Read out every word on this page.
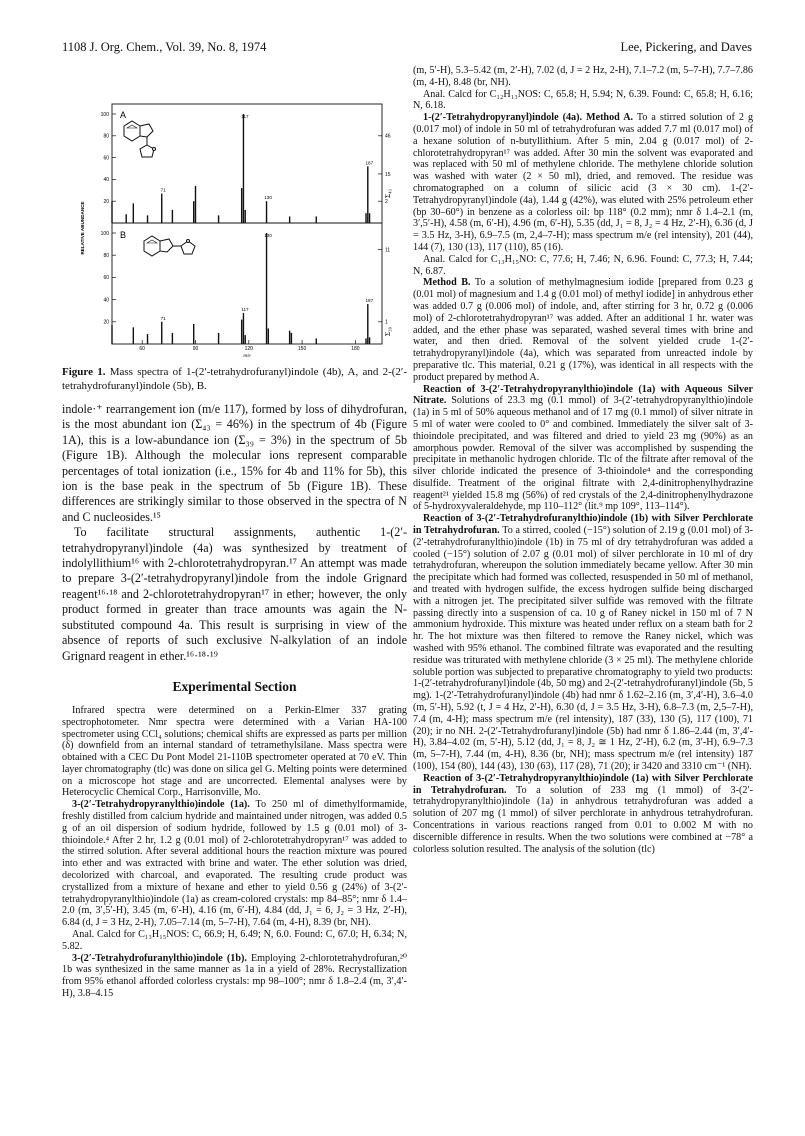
1108 J. Org. Chem., Vol. 39, No. 8, 1974	Lee, Pickering, and Daves
A
B
RELATIVE ABUNDANCE
m/e
Σ₄₃
Σ₃₉
100
80
60
40
20
46
15
2
117
187
71
130
100
80
60
40
20
11
1
187
130
117
71
60	90	120	150	180
Figure 1. Mass spectra of 1-(2′-tetrahydrofuranyl)indole (4b), A, and 2-(2′-tetrahydrofuranyl)indole (5b), B.

indole·⁺ rearrangement ion (m/e 117), formed by loss of dihydrofuran, is the most abundant ion (Σ₄₃ = 46%) in the spectrum of 4b (Figure 1A), this is a low-abundance ion (Σ₃₉ = 3%) in the spectrum of 5b (Figure 1B). Although the molecular ions represent comparable percentages of total ionization (i.e., 15% for 4b and 11% for 5b), this ion is the base peak in the spectrum of 5b (Figure 1B). These differences are strikingly similar to those observed in the spectra of N and C nucleosides.¹⁵

To facilitate structural assignments, authentic 1-(2′-tetrahydropyranyl)indole (4a) was synthesized by treatment of indolyllithium¹⁶ with 2-chlorotetrahydropyran.¹⁷ An attempt was made to prepare 3-(2′-tetrahydropyranyl)indole from the indole Grignard reagent¹⁶·¹⁸ and 2-chlorotetrahydropyran¹⁷ in ether; however, the only product formed in greater than trace amounts was again the N-substituted compound 4a. This result is surprising in view of the absence of reports of such exclusive N-alkylation of an indole Grignard reagent in ether.¹⁶·¹⁸·¹⁹

Experimental Section

Infrared spectra were determined on a Perkin-Elmer 337 grating spectrophotometer. Nmr spectra were determined with a Varian HA-100 spectrometer using CCl₄ solutions; chemical shifts are expressed as parts per million (δ) downfield from an internal standard of tetramethylsilane. Mass spectra were obtained with a CEC Du Pont Model 21-110B spectrometer operated at 70 eV. Thin layer chromatography (tlc) was done on silica gel G. Melting points were determined on a microscope hot stage and are uncorrected. Elemental analyses were by Heterocyclic Chemical Corp., Harrisonville, Mo.

3-(2′-Tetrahydropyranylthio)indole (1a). To 250 ml of dimethylformamide, freshly distilled from calcium hydride and maintained under nitrogen, was added 0.5 g of an oil dispersion of sodium hydride, followed by 1.5 g (0.01 mol) of 3-thioindole.⁴ After 2 hr, 1.2 g (0.01 mol) of 2-chlorotetrahydropyran¹⁷ was added to the stirred solution. After several additional hours the reaction mixture was poured into ether and was extracted with brine and water. The ether solution was dried, decolorized with charcoal, and evaporated. The resulting crude product was crystallized from a mixture of hexane and ether to yield 0.56 g (24%) of 3-(2′-tetrahydropyranylthio)indole (1a) as cream-colored crystals: mp 84–85°; nmr δ 1.4–2.0 (m, 3′,5′-H), 3.45 (m, 6′-H), 4.16 (m, 6′-H), 4.84 (dd, J₁ = 6, J₂ = 3 Hz, 2′-H), 6.84 (d, J = 3 Hz, 2-H), 7.05–7.14 (m, 5–7-H), 7.64 (m, 4-H), 8.39 (br, NH).

Anal. Calcd for C₁₃H₁₅NOS: C, 66.9; H, 6.49; N, 6.0. Found: C, 67.0; H, 6.34; N, 5.82.

3-(2′-Tetrahydrofuranylthio)indole (1b). Employing 2-chlorotetrahydrofuran,²⁰ 1b was synthesized in the same manner as 1a in a yield of 28%. Recrystallization from 95% ethanol afforded colorless crystals: mp 98–100°; nmr δ 1.8–2.4 (m, 3′,4′-H), 3.8–4.15

(m, 5′-H), 5.3–5.42 (m, 2′-H), 7.02 (d, J = 2 Hz, 2-H), 7.1–7.2 (m, 5–7-H), 7.7–7.86 (m, 4-H), 8.48 (br, NH).

Anal. Calcd for C₁₂H₁₃NOS: C, 65.8; H, 5.94; N, 6.39. Found: C, 65.8; H, 6.16; N, 6.18.

1-(2′-Tetrahydropyranyl)indole (4a). Method A. To a stirred solution of 2 g (0.017 mol) of indole in 50 ml of tetrahydrofuran was added 7.7 ml (0.017 mol) of a hexane solution of n-butyllithium. After 5 min, 2.04 g (0.017 mol) of 2-chlorotetrahydropyran¹⁷ was added. After 30 min the solvent was evaporated and was replaced with 50 ml of methylene chloride. The methylene chloride solution was washed with water (2 × 50 ml), dried, and removed. The residue was chromatographed on a column of silicic acid (3 × 30 cm). 1-(2′-Tetrahydropyranyl)indole (4a), 1.44 g (42%), was eluted with 25% petroleum ether (bp 30–60°) in benzene as a colorless oil: bp 118° (0.2 mm); nmr δ 1.4–2.1 (m, 3′,5′-H), 4.58 (m, 6′-H), 4.96 (m, 6′-H), 5.35 (dd, J₁ = 8, J₂ = 4 Hz, 2′-H), 6.36 (d, J = 3.5 Hz, 3-H), 6.9–7.5 (m, 2,4–7-H); mass spectrum m/e (rel intensity), 201 (44), 144 (7), 130 (13), 117 (110), 85 (16).

Anal. Calcd for C₁₃H₁₅NO: C, 77.6; H, 7.46; N, 6.96. Found: C, 77.3; H, 7.44; N, 6.87.

Method B. To a solution of methylmagnesium iodide [prepared from 0.23 g (0.01 mol) of magnesium and 1.4 g (0.01 mol) of methyl iodide] in anhydrous ether was added 0.7 g (0.006 mol) of indole, and, after stirring for 3 hr, 0.72 g (0.006 mol) of 2-chlorotetrahydropyran¹⁷ was added. After an additional 1 hr. water was added, and the ether phase was separated, washed several times with brine and water, and then dried. Removal of the solvent yielded crude 1-(2′-tetrahydropyranyl)indole (4a), which was separated from unreacted indole by preparative tlc. This material, 0.21 g (17%), was identical in all respects with the product prepared by method A.

Reaction of 3-(2′-Tetrahydropyranylthio)indole (1a) with Aqueous Silver Nitrate. Solutions of 23.3 mg (0.1 mmol) of 3-(2′-tetrahydropyranylthio)indole (1a) in 5 ml of 50% aqueous methanol and of 17 mg (0.1 mmol) of silver nitrate in 5 ml of water were cooled to 0° and combined. Immediately the silver salt of 3-thioindole precipitated, and was filtered and dried to yield 23 mg (90%) as an amorphous powder. Removal of the silver was accomplished by suspending the precipitate in methanolic hydrogen chloride. Tlc of the filtrate after removal of the silver chloride indicated the presence of 3-thioindole⁴ and the corresponding disulfide. Treatment of the original filtrate with 2,4-dinitrophenylhydrazine reagent²¹ yielded 15.8 mg (56%) of red crystals of the 2,4-dinitrophenylhydrazone of 5-hydroxyvaleraldehyde, mp 110–112° (lit.⁹ mp 109°, 113–114°).

Reaction of 3-(2′-Tetrahydrofuranylthio)indole (1b) with Silver Perchlorate in Tetrahydrofuran. To a stirred, cooled (−15°) solution of 2.19 g (0.01 mol) of 3-(2′-tetrahydrofuranylthio)indole (1b) in 75 ml of dry tetrahydrofuran was added a cooled (−15°) solution of 2.07 g (0.01 mol) of silver perchlorate in 10 ml of dry tetrahydrofuran, whereupon the solution immediately became yellow. After 30 min the precipitate which had formed was collected, resuspended in 50 ml of methanol, and treated with hydrogen sulfide, the excess hydrogen sulfide being discharged with a nitrogen jet. The precipitated silver sulfide was removed with the filtrate passing directly into a suspension of ca. 10 g of Raney nickel in 150 ml of 7 N ammonium hydroxide. This mixture was heated under reflux on a steam bath for 2 hr. The hot mixture was then filtered to remove the Raney nickel, which was washed with 95% ethanol. The combined filtrate was evaporated and the resulting residue was triturated with methylene chloride (3 × 25 ml). The methylene chloride soluble portion was subjected to preparative chromatography to yield two products: 1-(2′-tetrahydrofuranyl)indole (4b, 50 mg) and 2-(2′-tetrahydrofuranyl)indole (5b, 5 mg). 1-(2′-Tetrahydrofuranyl)indole (4b) had nmr δ 1.62–2.16 (m, 3′,4′-H), 3.6–4.0 (m, 5′-H), 5.92 (t, J = 4 Hz, 2′-H), 6.30 (d, J = 3.5 Hz, 3-H), 6.8–7.3 (m, 2,5–7-H), 7.4 (m, 4-H); mass spectrum m/e (rel intensity), 187 (33), 130 (5), 117 (100), 71 (20); ir no NH. 2-(2′-Tetrahydrofuranyl)indole (5b) had nmr δ 1.86–2.44 (m, 3′,4′-H), 3.84–4.02 (m, 5′-H), 5.12 (dd, J₁ = 8, J₂ ≅ 1 Hz, 2′-H), 6.2 (m, 3′-H), 6.9–7.3 (m, 5–7-H), 7.44 (m, 4-H), 8.36 (br, NH); mass spectrum m/e (rel intensity) 187 (100), 154 (80), 144 (43), 130 (63), 117 (28), 71 (20); ir 3420 and 3310 cm⁻¹ (NH).

Reaction of 3-(2′-Tetrahydropyranylthio)indole (1a) with Silver Perchlorate in Tetrahydrofuran. To a solution of 233 mg (1 mmol) of 3-(2′-tetrahydropyranylthio)indole (1a) in anhydrous tetrahydrofuran was added a solution of 207 mg (1 mmol) of silver perchlorate in anhydrous tetrahydrofuran. Concentrations in various reactions ranged from 0.01 to 0.002 M with no discernible difference in results. When the two solutions were combined at −78° a colorless solution resulted. The analysis of the solution (tlc)
